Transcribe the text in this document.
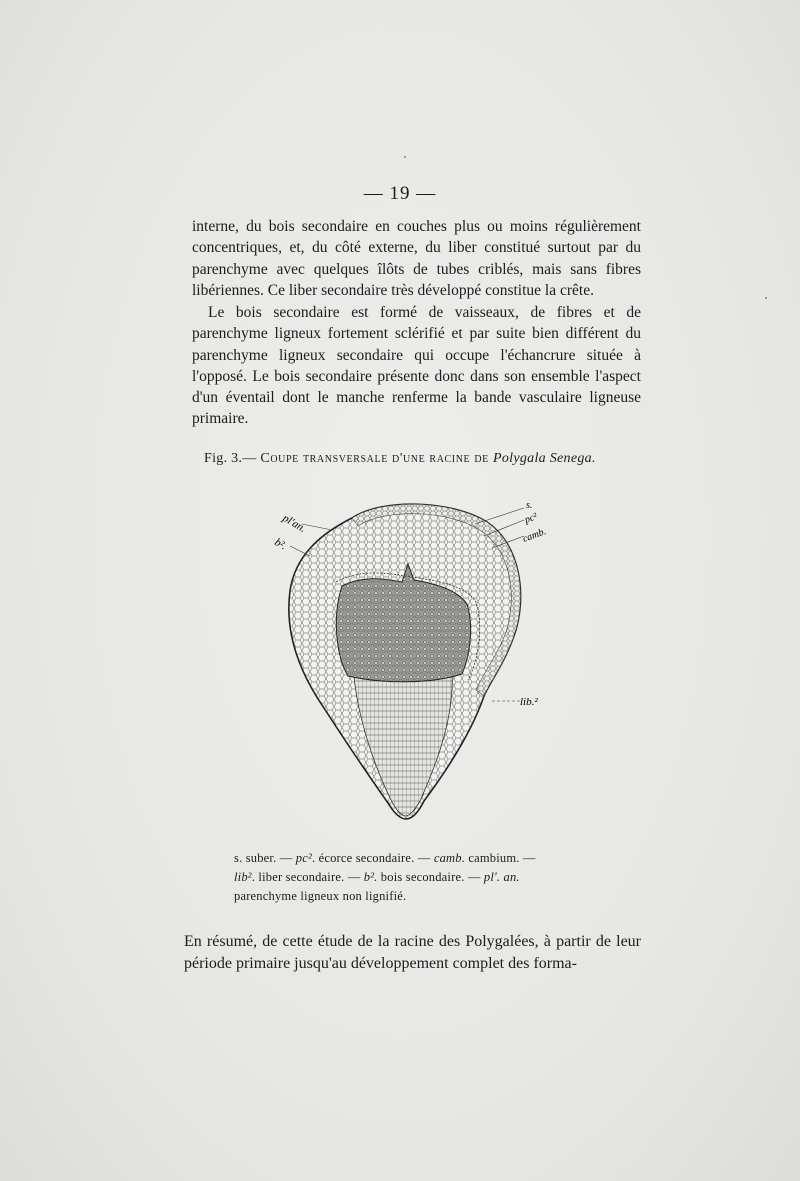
— 19 —

interne, du bois secondaire en couches plus ou moins régulièrement concentriques, et, du côté externe, du liber constitué surtout par du parenchyme avec quelques îlôts de tubes criblés, mais sans fibres libériennes. Ce liber secondaire très développé constitue la crête.

Le bois secondaire est formé de vaisseaux, de fibres et de parenchyme ligneux fortement sclérifié et par suite bien différent du parenchyme ligneux secondaire qui occupe l'échancrure située à l'opposé. Le bois secondaire présente donc dans son ensemble l'aspect d'un éventail dont le manche renferme la bande vasculaire ligneuse primaire.

Fig. 3.— Coupe transversale d'une racine de Polygala Senega.
pl'an.
b².
s.
pc²
camb.
lib.²
s. suber. — pc². écorce secondaire. — camb. cambium. —
lib². liber secondaire. — b². bois secondaire. — pl'. an.
parenchyme ligneux non lignifié.

En résumé, de cette étude de la racine des Polygalées, à partir de leur période primaire jusqu'au développement complet des forma-
